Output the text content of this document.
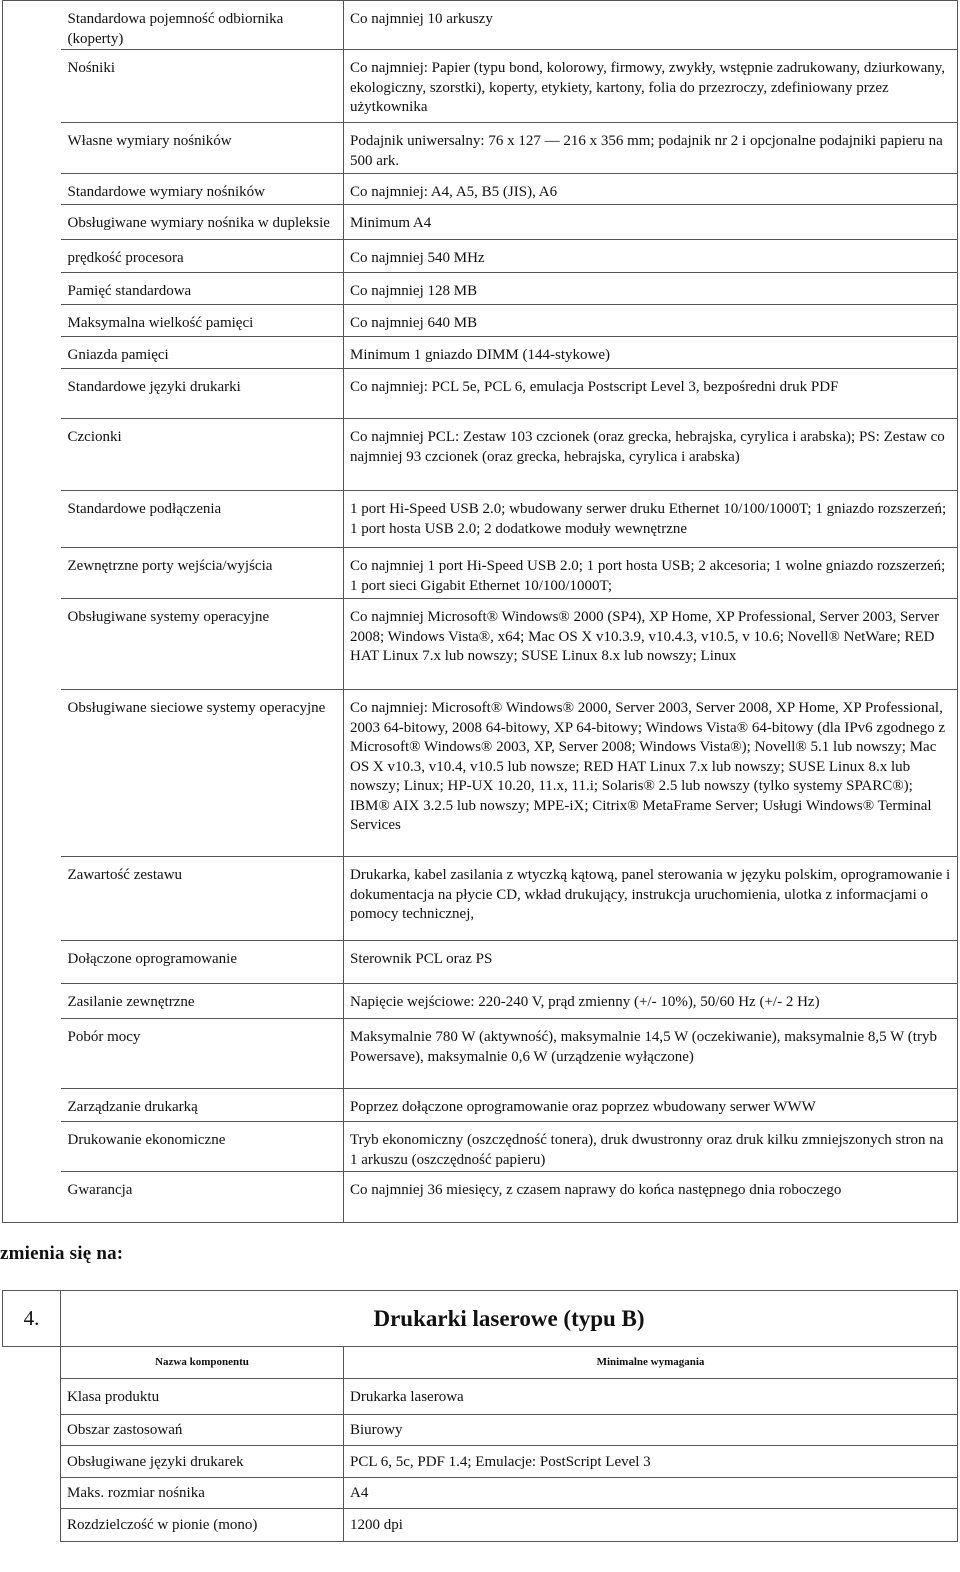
	Standardowa pojemność odbiornika (koperty)	Co najmniej 10 arkuszy
	Nośniki	Co najmniej: Papier (typu bond, kolorowy, firmowy, zwykły, wstępnie zadrukowany, dziurkowany, ekologiczny, szorstki), koperty, etykiety, kartony, folia do przezroczy, zdefiniowany przez użytkownika
	Własne wymiary nośników	Podajnik uniwersalny: 76 x 127 — 216 x 356 mm; podajnik nr 2 i opcjonalne podajniki papieru na 500 ark.
	Standardowe wymiary nośników	Co najmniej: A4, A5, B5 (JIS), A6
	Obsługiwane wymiary nośnika w dupleksie	Minimum A4
	prędkość procesora	Co najmniej 540 MHz
	Pamięć standardowa	Co najmniej 128 MB
	Maksymalna wielkość pamięci	Co najmniej 640 MB
	Gniazda pamięci	Minimum 1 gniazdo DIMM (144-stykowe)
	Standardowe języki drukarki	Co najmniej: PCL 5e, PCL 6, emulacja Postscript Level 3, bezpośredni druk PDF
	Czcionki	Co najmniej PCL: Zestaw 103 czcionek (oraz grecka, hebrajska, cyrylica i arabska); PS: Zestaw co najmniej 93 czcionek (oraz grecka, hebrajska, cyrylica i arabska)
	Standardowe podłączenia	1 port Hi-Speed USB 2.0; wbudowany serwer druku Ethernet 10/100/1000T; 1 gniazdo rozszerzeń; 1 port hosta USB 2.0; 2 dodatkowe moduły wewnętrzne
	Zewnętrzne porty wejścia/wyjścia	Co najmniej 1 port Hi-Speed USB 2.0; 1 port hosta USB; 2 akcesoria; 1 wolne gniazdo rozszerzeń; 1 port sieci Gigabit Ethernet 10/100/1000T;
	Obsługiwane systemy operacyjne	Co najmniej Microsoft® Windows® 2000 (SP4), XP Home, XP Professional, Server 2003, Server 2008; Windows Vista®, x64; Mac OS X v10.3.9, v10.4.3, v10.5, v 10.6; Novell® NetWare; RED HAT Linux 7.x lub nowszy; SUSE Linux 8.x lub nowszy; Linux
	Obsługiwane sieciowe systemy operacyjne	Co najmniej: Microsoft® Windows® 2000, Server 2003, Server 2008, XP Home, XP Professional, 2003 64-bitowy, 2008 64-bitowy, XP 64-bitowy; Windows Vista® 64-bitowy (dla IPv6 zgodnego z Microsoft® Windows® 2003, XP, Server 2008; Windows Vista®); Novell® 5.1 lub nowszy; Mac OS X v10.3, v10.4, v10.5 lub nowsze; RED HAT Linux 7.x lub nowszy; SUSE Linux 8.x lub nowszy; Linux; HP-UX 10.20, 11.x, 11.i; Solaris® 2.5 lub nowszy (tylko systemy SPARC®); IBM® AIX 3.2.5 lub nowszy; MPE-iX; Citrix® MetaFrame Server; Usługi Windows® Terminal Services
	Zawartość zestawu	Drukarka, kabel zasilania z wtyczką kątową, panel sterowania w języku polskim, oprogramowanie i dokumentacja na płycie CD, wkład drukujący, instrukcja uruchomienia, ulotka z informacjami o pomocy technicznej,
	Dołączone oprogramowanie	Sterownik PCL oraz PS
	Zasilanie zewnętrzne	Napięcie wejściowe: 220-240 V, prąd zmienny (+/- 10%), 50/60 Hz (+/- 2 Hz)
	Pobór mocy	Maksymalnie 780 W (aktywność), maksymalnie 14,5 W (oczekiwanie), maksymalnie 8,5 W (tryb Powersave), maksymalnie 0,6 W (urządzenie wyłączone)
	Zarządzanie drukarką	Poprzez dołączone oprogramowanie oraz poprzez wbudowany serwer WWW
	Drukowanie ekonomiczne	Tryb ekonomiczny (oszczędność tonera), druk dwustronny oraz druk kilku zmniejszonych stron na 1 arkuszu (oszczędność papieru)
	Gwarancja	Co najmniej 36 miesięcy, z czasem naprawy do końca następnego dnia roboczego
zmienia się na:
4.	Drukarki laserowe (typu B)	
	Nazwa komponentu	Minimalne wymagania
	Klasa produktu	Drukarka laserowa
	Obszar zastosowań	Biurowy
	Obsługiwane języki drukarek	PCL 6, 5c, PDF 1.4; Emulacje: PostScript Level 3
	Maks. rozmiar nośnika	A4
	Rozdzielczość w pionie (mono)	1200 dpi
